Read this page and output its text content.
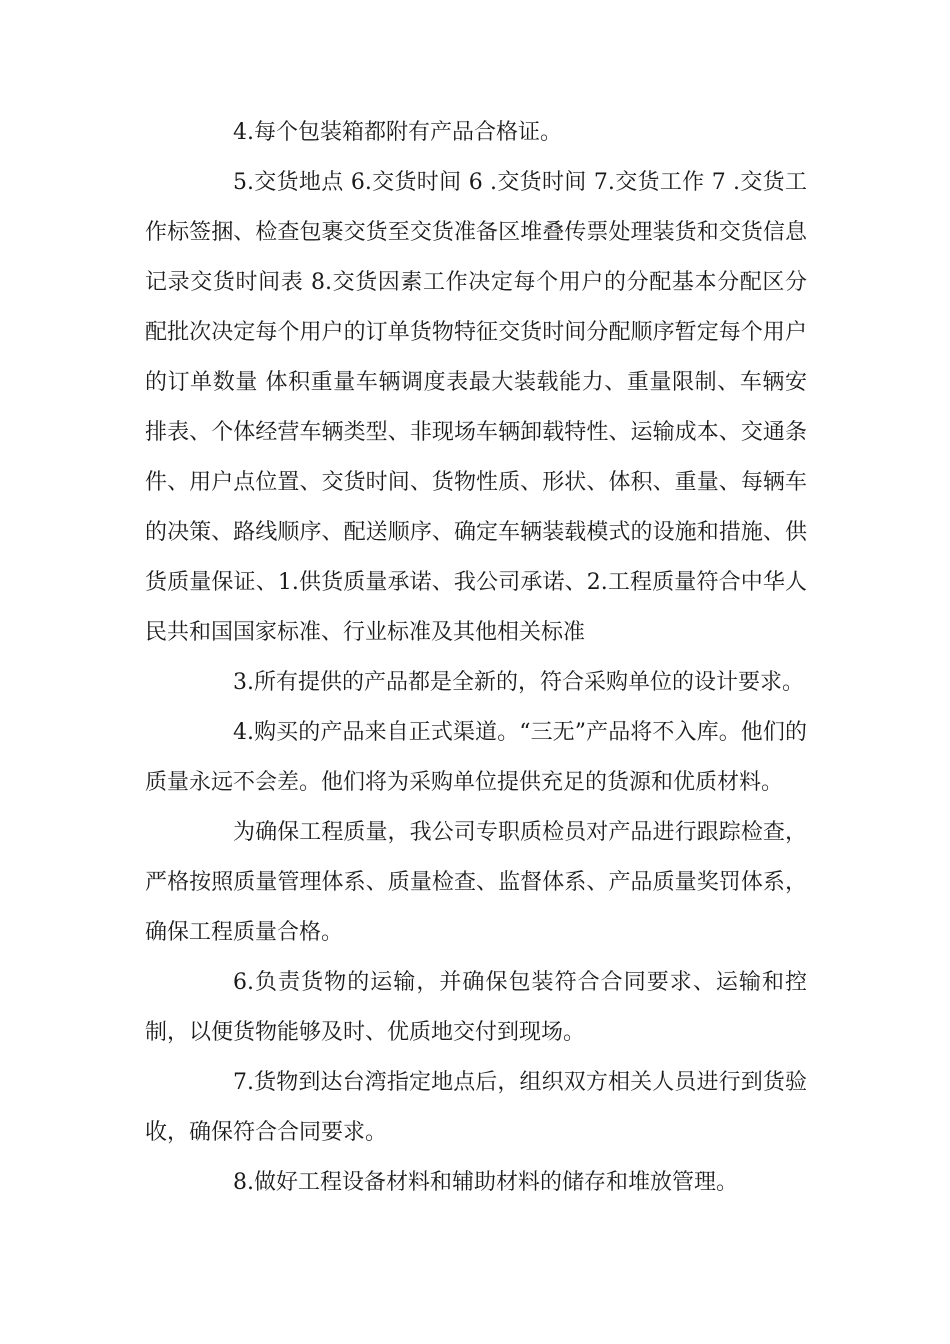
4.每个包装箱都附有产品合格证。

5.交货地点 6.交货时间 6 .交货时间 7.交货工作 7 .交货工作标签捆、检查包裹交货至交货准备区堆叠传票处理装货和交货信息记录交货时间表 8.交货因素工作决定每个用户的分配基本分配区分配批次决定每个用户的订单货物特征交货时间分配顺序暂定每个用户的订单数量 体积重量车辆调度表最大装载能力、重量限制、车辆安排表、个体经营车辆类型、非现场车辆卸载特性、运输成本、交通条件、用户点位置、交货时间、货物性质、形状、体积、重量、每辆车的决策、路线顺序、配送顺序、确定车辆装载模式的设施和措施、供货质量保证、1.供货质量承诺、我公司承诺、2.工程质量符合中华人民共和国国家标准、行业标准及其他相关标准

3.所有提供的产品都是全新的，符合采购单位的设计要求。

4.购买的产品来自正式渠道。“三无”产品将不入库。他们的质量永远不会差。他们将为采购单位提供充足的货源和优质材料。

为确保工程质量，我公司专职质检员对产品进行跟踪检查，严格按照质量管理体系、质量检查、监督体系、产品质量奖罚体系，确保工程质量合格。

6.负责货物的运输，并确保包装符合合同要求、运输和控制，以便货物能够及时、优质地交付到现场。

7.货物到达台湾指定地点后，组织双方相关人员进行到货验收，确保符合合同要求。

8.做好工程设备材料和辅助材料的储存和堆放管理。
